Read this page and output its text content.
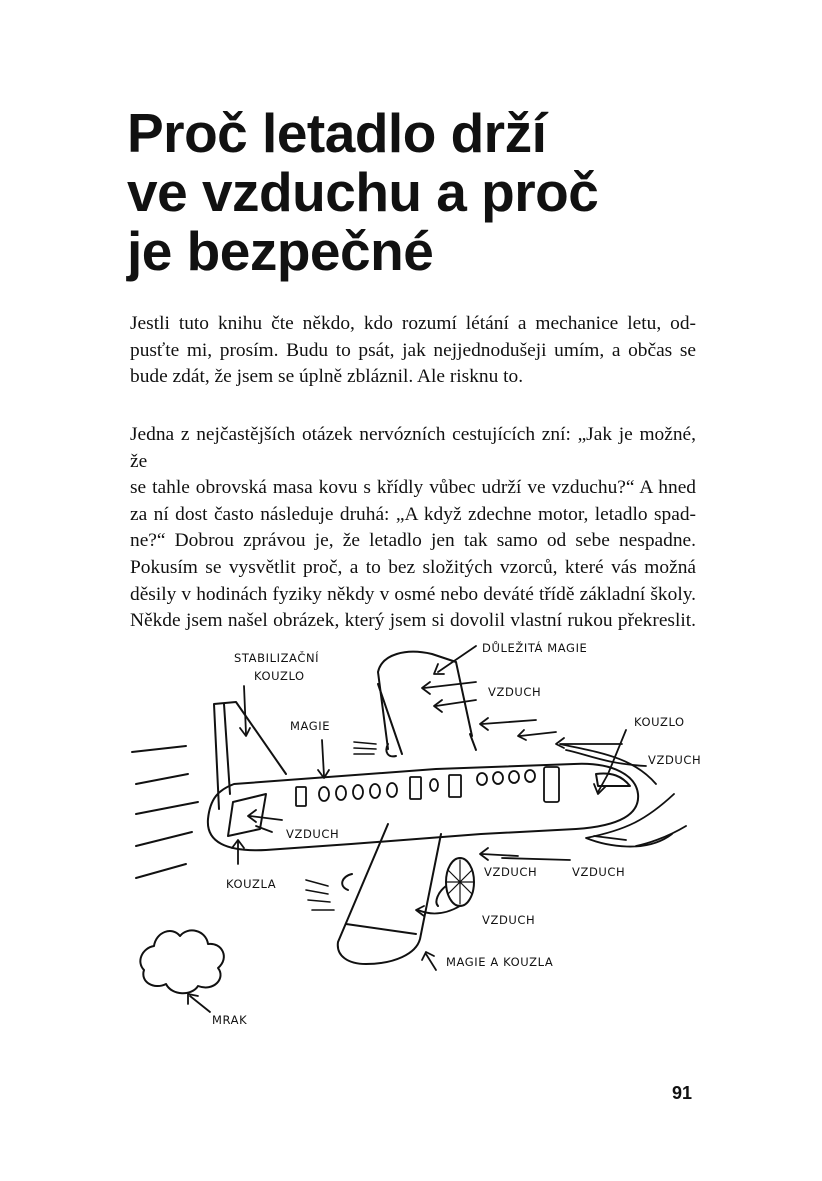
Proč letadlo drží
ve vzduchu a proč
je bezpečné
Jestli tuto knihu čte někdo, kdo rozumí létání a mechanice letu, od-
pusťte mi, prosím. Budu to psát, jak nejjednodušeji umím, a občas se
bude zdát, že jsem se úplně zbláznil. Ale risknu to.
Jedna z nejčastějších otázek nervózních cestujících zní: „Jak je možné, že
se tahle obrovská masa kovu s křídly vůbec udrží ve vzduchu?“ A hned
za ní dost často následuje druhá: „A když zdechne motor, letadlo spad-
ne?“ Dobrou zprávou je, že letadlo jen tak samo od sebe nespadne.
Pokusím se vysvětlit proč, a to bez složitých vzorců, které vás možná
děsily v hodinách fyziky někdy v osmé nebo deváté třídě základní školy.
Někde jsem našel obrázek, který jsem si dovolil vlastní rukou překreslit.
STABILIZAČNÍ
KOUZLO
DŮLEŽITÁ MAGIE
VZDUCH
MAGIE	KOUZLO
VZDUCH
VZDUCH
KOUZLA
VZDUCH	VZDUCH
VZDUCH
MAGIE A KOUZLA
MRAK
91
